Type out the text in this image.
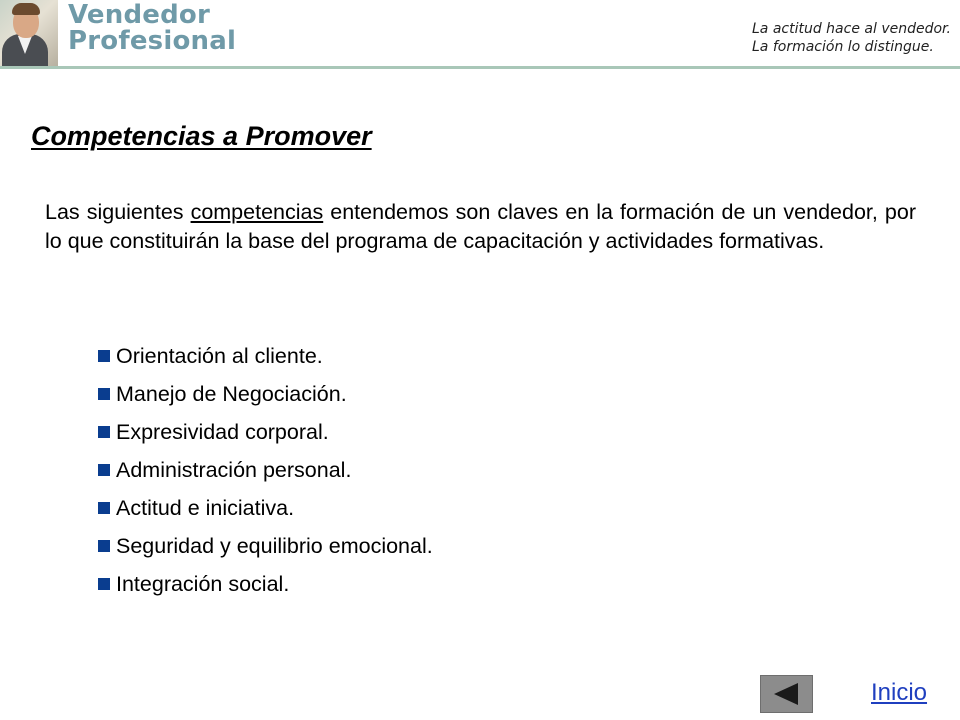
Vendedor
Profesional	La actitud hace al vendedor.
La formación lo distingue.
Competencias a Promover

Las siguientes competencias entendemos son claves en la formación de un vendedor, por lo que constituirán la base del programa de capacitación y actividades formativas.

Orientación al cliente.
Manejo de Negociación.
Expresividad corporal.
Administración personal.
Actitud e iniciativa.
Seguridad y equilibrio emocional.
Integración social.
Inicio
